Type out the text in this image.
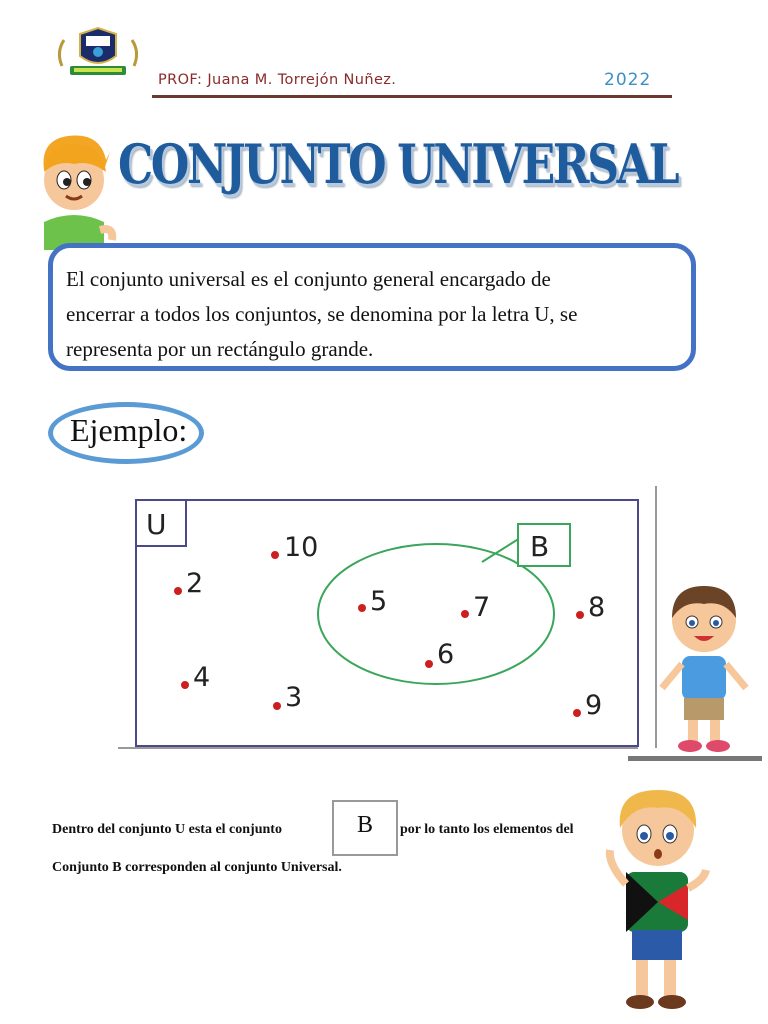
PROF: Juana M. Torrejón Nuñez.	2022
CONJUNTO UNIVERSAL
El conjunto universal es el conjunto general encargado de
encerrar a todos los conjuntos, se denomina por la letra U, se
representa por un rectángulo grande.
Ejemplo:
U
B
10
2
4
3
8
9
5	7
6
Dentro del conjunto U esta el conjunto	B	por lo tanto los elementos del
Conjunto B corresponden al conjunto Universal.
